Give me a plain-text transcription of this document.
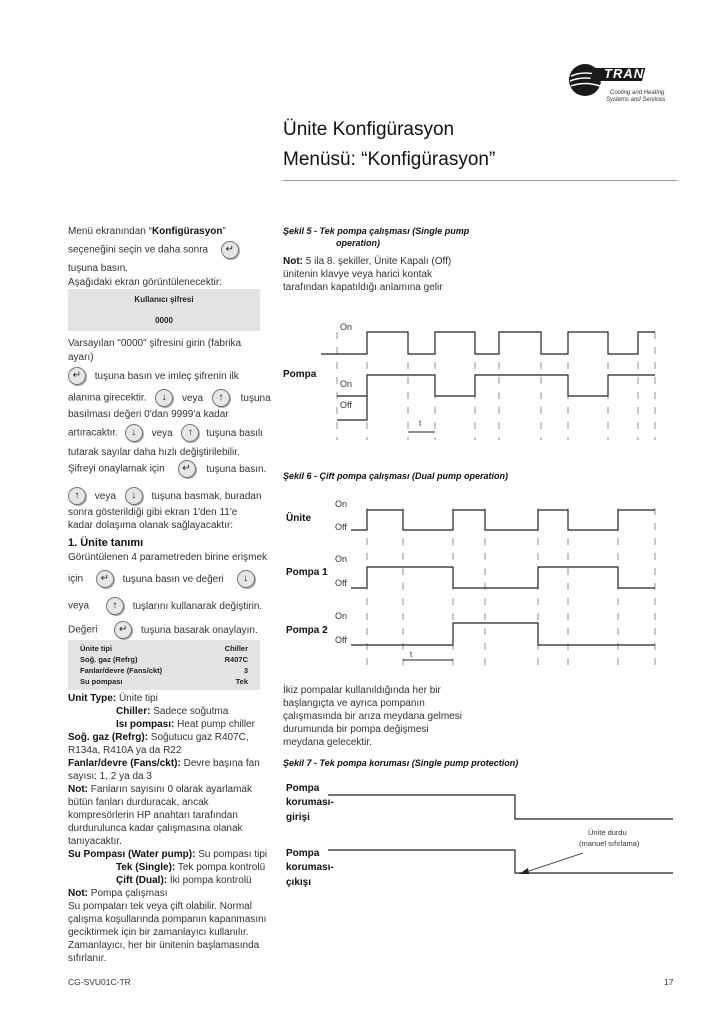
TRANE
Cooling and Heating
Systems and Services
Ünite Konfigürasyon
Menüsü: “Konfigürasyon”
Menü ekranından “Konfigürasyon”
seçeneğini seçin ve daha sonra ↵
tuşuna basın.
Aşağıdaki ekran görüntülenecektir:
Kullanıcı şifresi
0000
Varsayılan "0000" şifresini girin (fabrika
ayarı)
↵ tuşuna basın ve imleç şifrenin ilk
alanına girecektir. ↓ veya ↑ tuşuna
basılması değeri 0'dan 9999'a kadar
artıracaktır. ↓ veya ↑ tuşuna basılı
tutarak sayılar daha hızlı değiştirilebilir.
Şifreyi onaylamak için ↵ tuşuna basın.
↑ veya ↓ tuşuna basmak, buradan
sonra gösterildiği gibi ekran 1'den 11'e
kadar dolaşıma olanak sağlayacaktır:
1. Ünite tanımı
Görüntülenen 4 parametreden birine erişmek
için ↵ tuşuna basın ve değeri ↓
veya ↑ tuşlarını kullanarak değiştirin.
Değeri ↵ tuşuna basarak onaylayın.
Ünite tipi	Chiller
Soğ. gaz (Refrg)	R407C
Fanlar/devre (Fans/ckt)	3
Su pompası	Tek
Unit Type: Ünite tipi
Chiller: Sadece soğutma
Isı pompası: Heat pump chiller
Soğ. gaz (Refrg): Soğutucu gaz R407C,
R134a, R410A ya da R22
Fanlar/devre (Fans/ckt): Devre başına fan
sayısı: 1, 2 ya da 3
Not: Fanların sayısını 0 olarak ayarlamak
bütün fanları durduracak, ancak
kompresörlerin HP anahtarı tarafından
durdurulunca kadar çalışmasına olanak
tanıyacaktır.
Su Pompası (Water pump): Su pompası tipi
Tek (Single): Tek pompa kontrolü
Çift (Dual): İki pompa kontrolü
Not: Pompa çalışması
Su pompaları tek veya çift olabilir. Normal
çalışma koşullarında pompanın kapanmasını
geciktirmek için bir zamanlayıcı kullanılır.
Zamanlayıcı, her bir ünitenin başlamasında
sıfırlanır.
Şekil 5 - Tek pompa çalışması (Single pump
operation)
Not: 5 ila 8. şekiller, Ünite Kapalı (Off)
ünitenin klavye veya harici kontak
tarafından kapatıldığı anlamına gelir
On
Pompa
On
Off
t
Şekil 6 - Çift pompa çalışması (Dual pump operation)
Ünite
On
Off
Pompa 1
On
Off
Pompa 2
On
Off
t
İkiz pompalar kullanıldığında her bir
başlangıçta ve ayrıca pompanın
çalışmasında bir arıza meydana gelmesi
durumunda bir pompa değişmesi
meydana gelecektir.
Şekil 7 - Tek pompa koruması (Single pump protection)
Pompa
koruması-
girişi
Pompa
koruması-
çıkışı
Ünite durdu
(manuel sıfırlama)
CG-SVU01C-TR	17
